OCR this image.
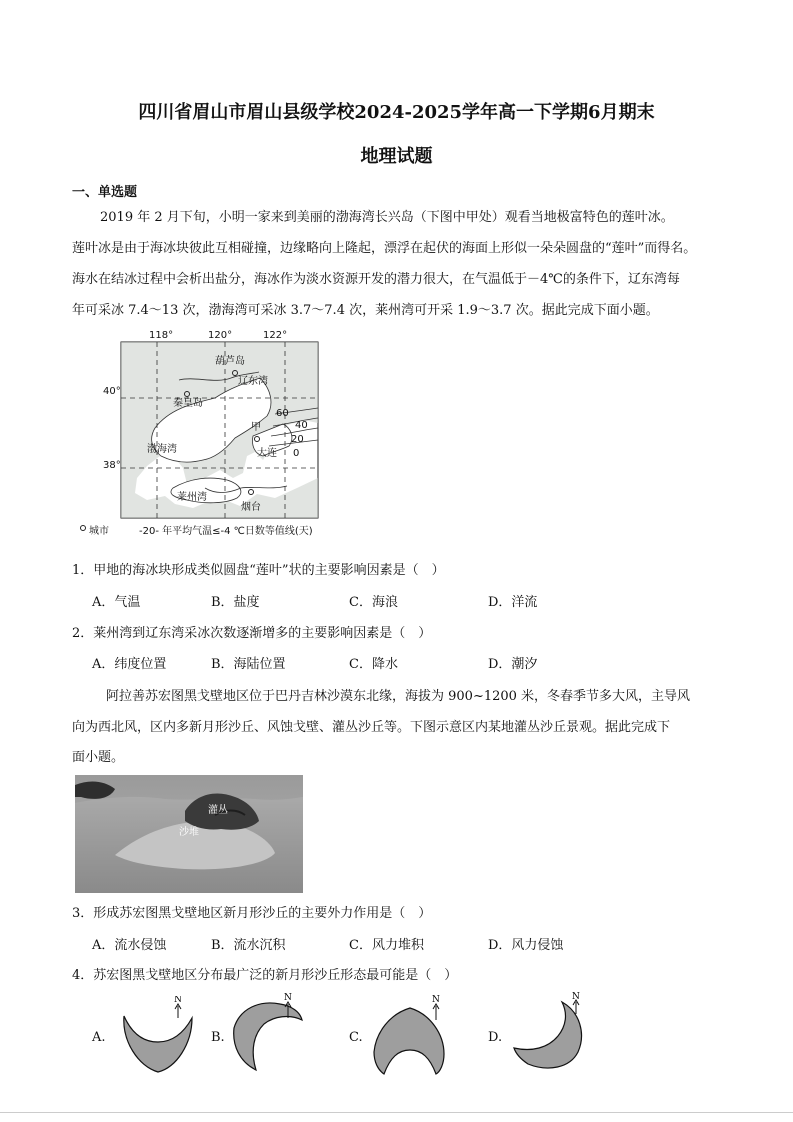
四川省眉山市眉山县级学校2024-2025学年高一下学期6月期末
地理试题
一、单选题
2019 年 2 月下旬，小明一家来到美丽的渤海湾长兴岛（下图中甲处）观看当地极富特色的莲叶冰。
莲叶冰是由于海冰块彼此互相碰撞，边缘略向上隆起，漂浮在起伏的海面上形似一朵朵圆盘的“莲叶”而得名。
海水在结冰过程中会析出盐分，海冰作为淡水资源开发的潜力很大，在气温低于－4℃的条件下，辽东湾每
年可采冰 7.4～13 次，渤海湾可采冰 3.7～7.4 次，莱州湾可开采 1.9～3.7 次。据此完成下面小题。
118°	120°	122°
40°
38°
葫芦岛
辽东湾
秦皇岛
渤海湾
甲
大连
莱州湾
烟台
60
40
20
0
城市	-20- 年平均气温≤-4 ℃日数等值线(天)
1．甲地的海冰块形成类似圆盘“莲叶”状的主要影响因素是（　）
A．气温	B．盐度	C．海浪	D．洋流
2．莱州湾到辽东湾采冰次数逐渐增多的主要影响因素是（　）
A．纬度位置	B．海陆位置	C．降水	D．潮汐
阿拉善苏宏图黑戈壁地区位于巴丹吉林沙漠东北缘，海拔为 900~1200 米，冬春季节多大风，主导风
向为西北风，区内多新月形沙丘、风蚀戈壁、灌丛沙丘等。下图示意区内某地灌丛沙丘景观。据此完成下
面小题。
灌丛
沙堆
3．形成苏宏图黑戈壁地区新月形沙丘的主要外力作用是（　）
A．流水侵蚀	B．流水沉积	C．风力堆积	D．风力侵蚀
4．苏宏图黑戈壁地区分布最广泛的新月形沙丘形态最可能是（　）
A.	B.	C.	D.
N	N	N	N
